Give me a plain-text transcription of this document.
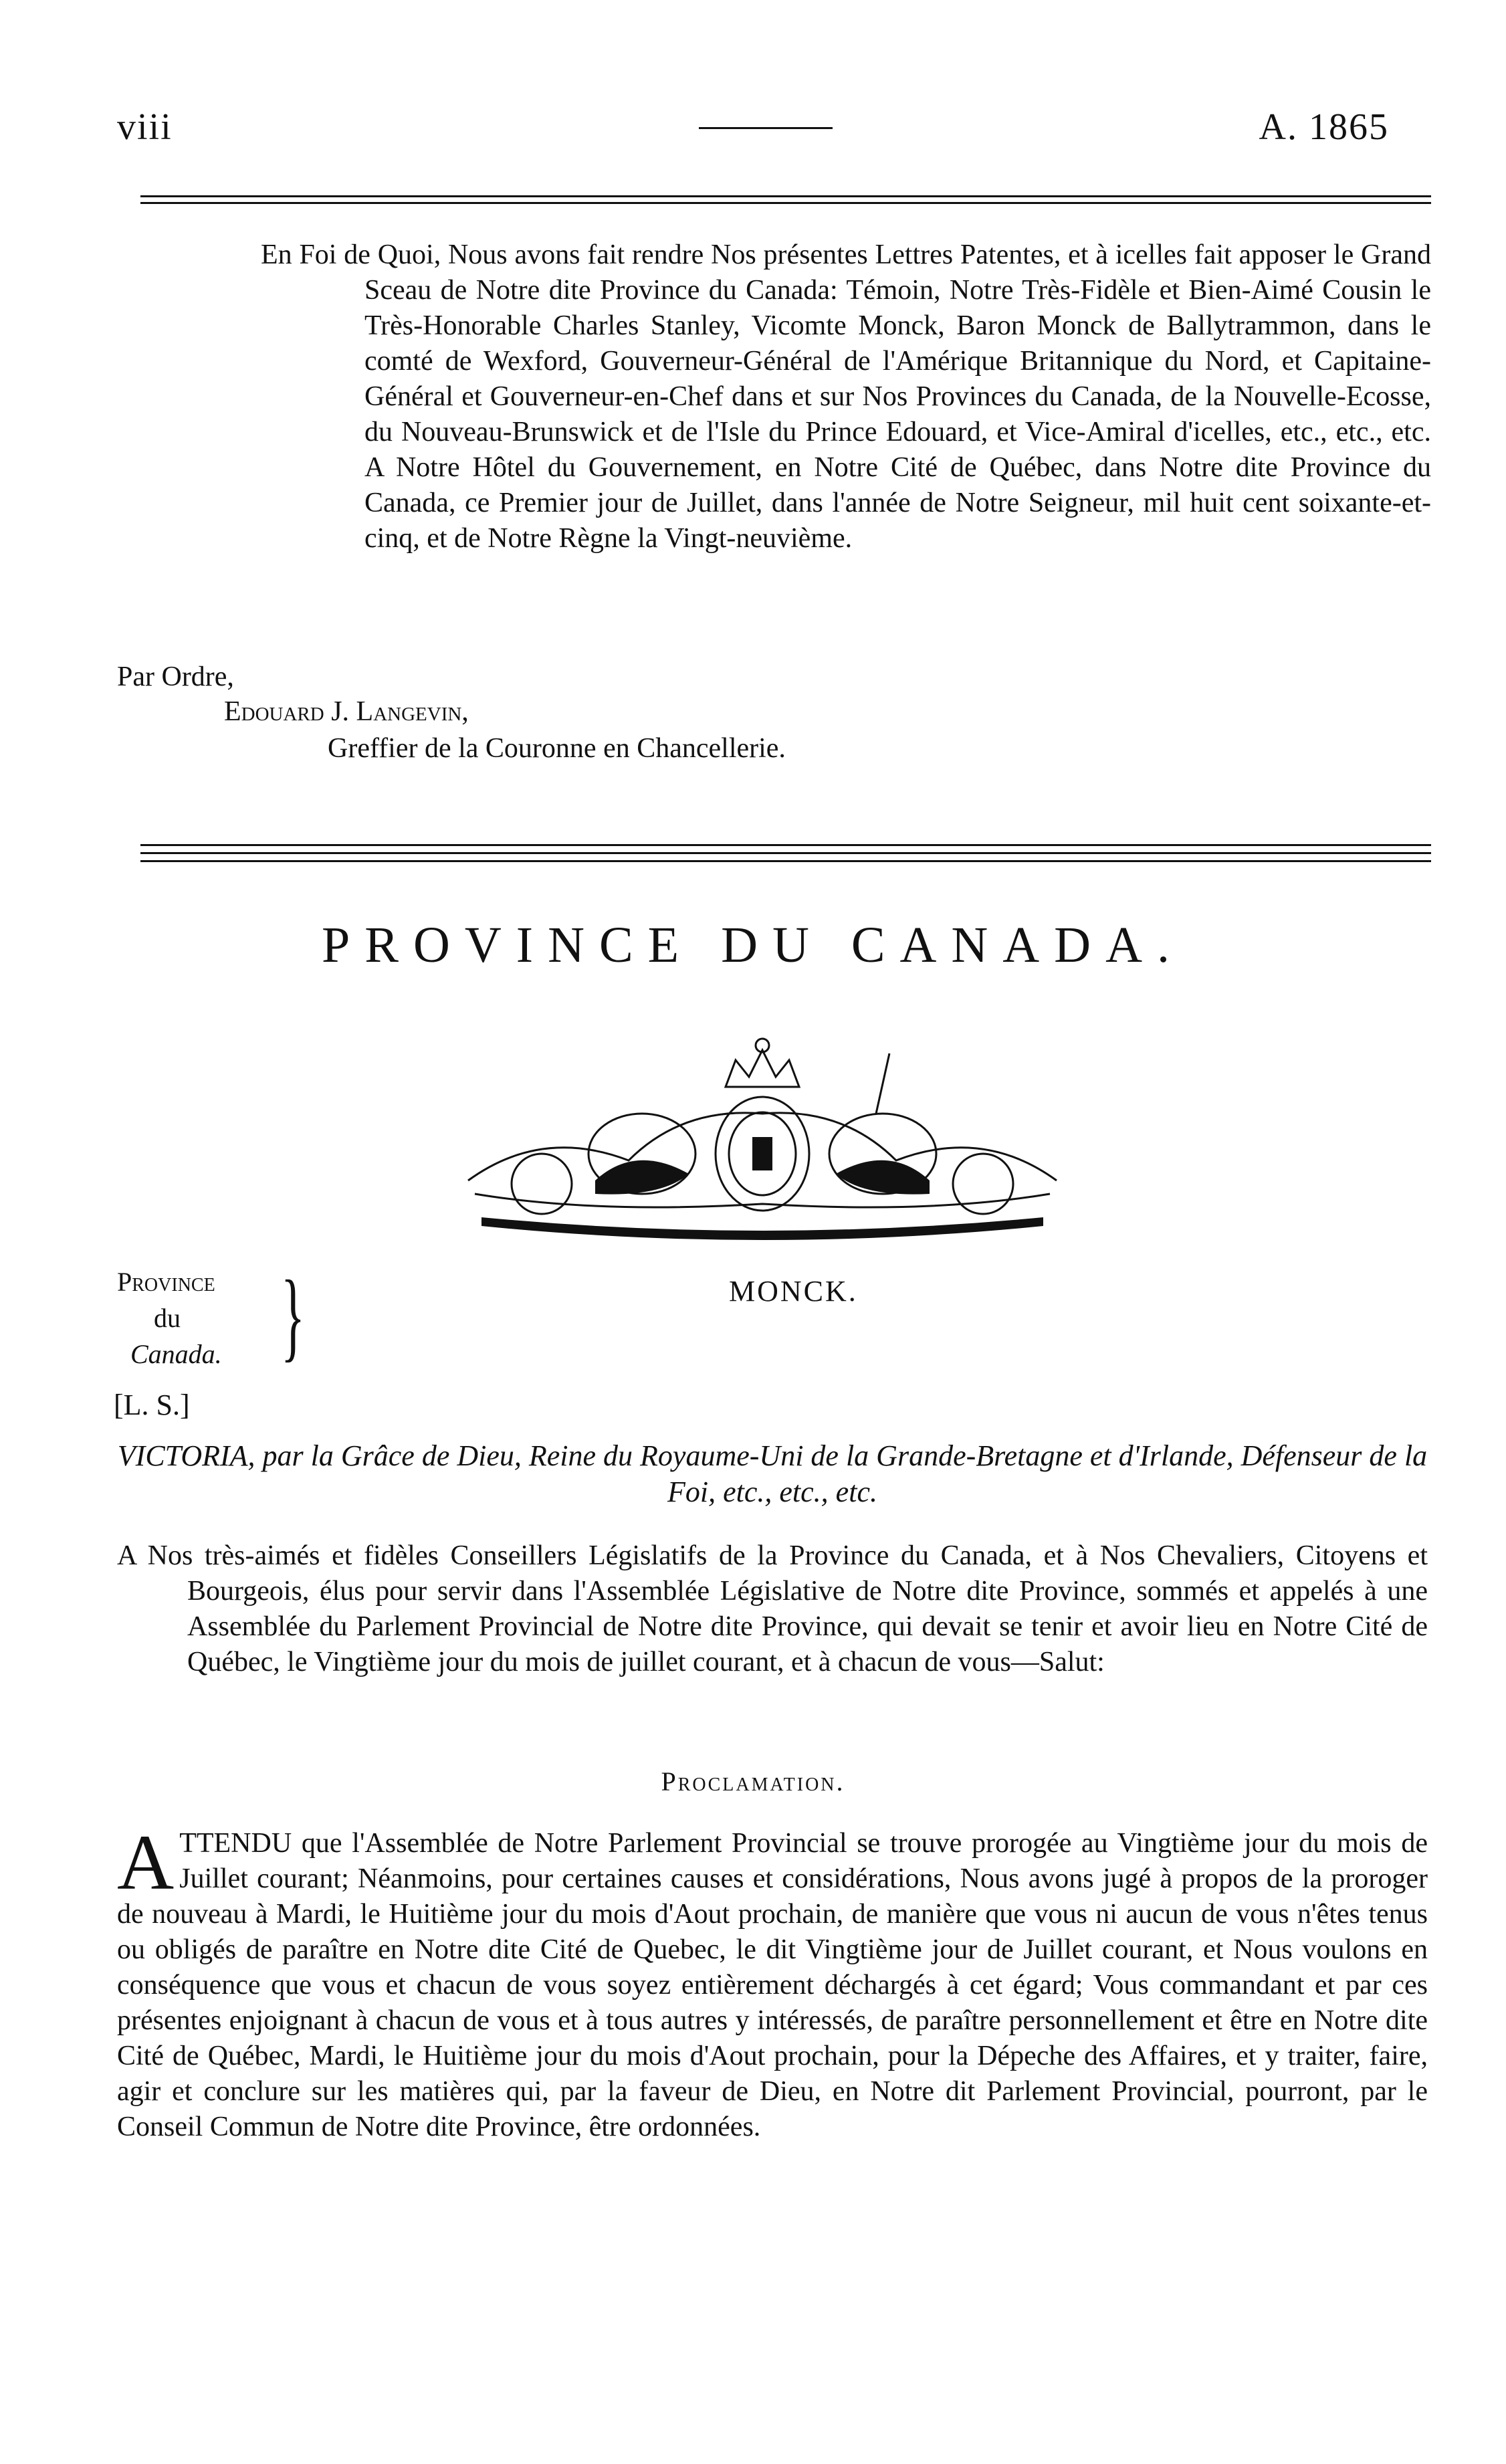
viii	A. 1865
En Foi de Quoi, Nous avons fait rendre Nos présentes Lettres Patentes, et à icelles fait apposer le Grand Sceau de Notre dite Province du Canada: Témoin, Notre Très-Fidèle et Bien-Aimé Cousin le Très-Honorable Charles Stanley, Vicomte Monck, Baron Monck de Ballytrammon, dans le comté de Wexford, Gouverneur-Général de l'Amérique Britannique du Nord, et Capitaine-Général et Gouverneur-en-Chef dans et sur Nos Provinces du Canada, de la Nouvelle-Ecosse, du Nouveau-Brunswick et de l'Isle du Prince Edouard, et Vice-Amiral d'icelles, etc., etc., etc. A Notre Hôtel du Gouvernement, en Notre Cité de Québec, dans Notre dite Province du Canada, ce Premier jour de Juillet, dans l'année de Notre Seigneur, mil huit cent soixante-et-cinq, et de Notre Règne la Vingt-neuvième.
Par Ordre,
Edouard J. Langevin,
Greffier de la Couronne en Chancellerie.
PROVINCE DU CANADA.
Province
du
Canada. }	MONCK.
[L. S.]
VICTORIA, par la Grâce de Dieu, Reine du Royaume-Uni de la Grande-Bretagne et d'Irlande, Défenseur de la Foi, etc., etc., etc.
A Nos très-aimés et fidèles Conseillers Législatifs de la Province du Canada, et à Nos Chevaliers, Citoyens et Bourgeois, élus pour servir dans l'Assemblée Législative de Notre dite Province, sommés et appelés à une Assemblée du Parlement Provincial de Notre dite Province, qui devait se tenir et avoir lieu en Notre Cité de Québec, le Vingtième jour du mois de juillet courant, et à chacun de vous—Salut:
Proclamation.
A TTENDU que l'Assemblée de Notre Parlement Provincial se trouve prorogée au Vingtième jour du mois de Juillet courant; Néanmoins, pour certaines causes et considérations, Nous avons jugé à propos de la proroger de nouveau à Mardi, le Huitième jour du mois d'Aout prochain, de manière que vous ni aucun de vous n'êtes tenus ou obligés de paraître en Notre dite Cité de Quebec, le dit Vingtième jour de Juillet courant, et Nous voulons en conséquence que vous et chacun de vous soyez entièrement déchargés à cet égard; Vous commandant et par ces présentes enjoignant à chacun de vous et à tous autres y intéressés, de paraître personnellement et être en Notre dite Cité de Québec, Mardi, le Huitième jour du mois d'Aout prochain, pour la Dépeche des Affaires, et y traiter, faire, agir et conclure sur les matières qui, par la faveur de Dieu, en Notre dit Parlement Provincial, pourront, par le Conseil Commun de Notre dite Province, être ordonnées.
